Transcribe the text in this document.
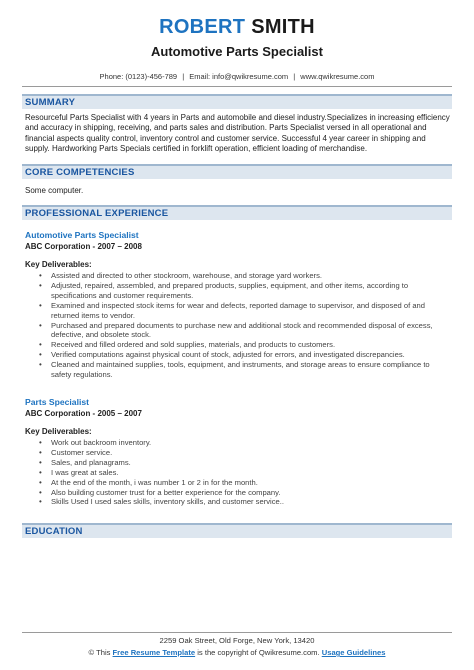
ROBERT SMITH
Automotive Parts Specialist
Phone: (0123)-456-789 | Email: info@qwikresume.com | www.qwikresume.com
SUMMARY
Resourceful Parts Specialist with 4 years in Parts and automobile and diesel industry.Specializes in increasing efficiency and accuracy in shipping, receiving, and parts sales and distribution. Parts Specialist versed in all operational and financial aspects quality control, inventory control and customer service. Successful 4 year career in shipping and supply. Hardworking Parts Specials certified in forklift operation, efficient loading of merchandise.
CORE COMPETENCIES
Some computer.
PROFESSIONAL EXPERIENCE
Automotive Parts Specialist
ABC Corporation - 2007 – 2008
Key Deliverables:
• Assisted and directed to other stockroom, warehouse, and storage yard workers.
• Adjusted, repaired, assembled, and prepared products, supplies, equipment, and other items, according to specifications and customer requirements.
• Examined and inspected stock items for wear and defects, reported damage to supervisor, and disposed of and returned items to vendor.
• Purchased and prepared documents to purchase new and additional stock and recommended disposal of excess, defective, and obsolete stock.
• Received and filled ordered and sold supplies, materials, and products to customers.
• Verified computations against physical count of stock, adjusted for errors, and investigated discrepancies.
• Cleaned and maintained supplies, tools, equipment, and instruments, and storage areas to ensure compliance to safety regulations.
Parts Specialist
ABC Corporation - 2005 – 2007
Key Deliverables:
• Work out backroom inventory.
• Customer service.
• Sales, and planagrams.
• I was great at sales.
• At the end of the month, i was number 1 or 2 in for the month.
• Also building customer trust for a better experience for the company.
• Skills Used I used sales skills, inventory skills, and customer service..
EDUCATION
2259 Oak Street, Old Forge, New York, 13420
© This Free Resume Template is the copyright of Qwikresume.com. Usage Guidelines
